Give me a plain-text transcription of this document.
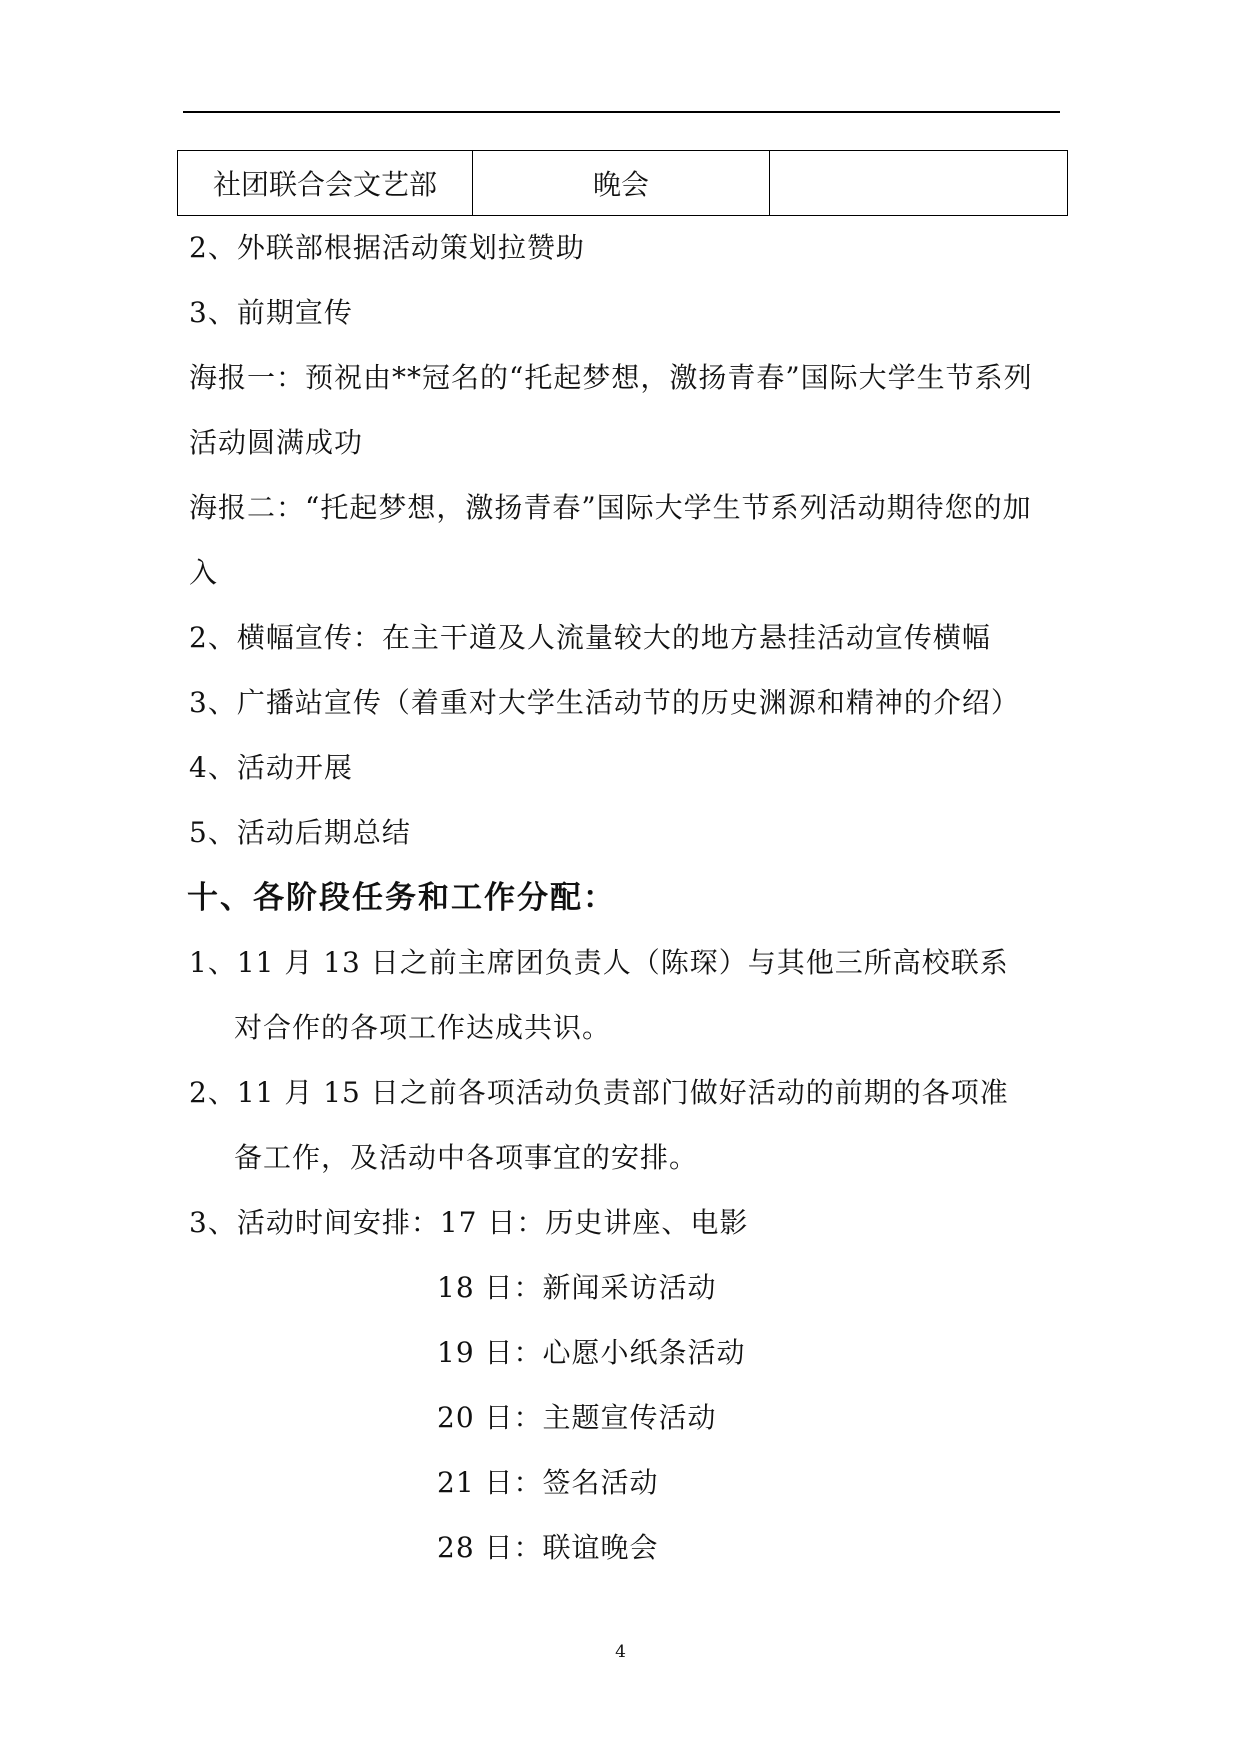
社团联合会文艺部	晚会	
2、外联部根据活动策划拉赞助
3、前期宣传
海报一：预祝由**冠名的“托起梦想，激扬青春”国际大学生节系列
活动圆满成功
海报二：“托起梦想，激扬青春”国际大学生节系列活动期待您的加
入
2、横幅宣传：在主干道及人流量较大的地方悬挂活动宣传横幅
3、广播站宣传（着重对大学生活动节的历史渊源和精神的介绍）
4、活动开展
5、活动后期总结
十、各阶段任务和工作分配：
1、11 月 13 日之前主席团负责人（陈琛）与其他三所高校联系
对合作的各项工作达成共识。
2、11 月 15 日之前各项活动负责部门做好活动的前期的各项准
备工作，及活动中各项事宜的安排。
3、活动时间安排：17 日：历史讲座、电影
18 日：新闻采访活动
19 日：心愿小纸条活动
20 日：主题宣传活动
21 日：签名活动
28 日：联谊晚会
4
